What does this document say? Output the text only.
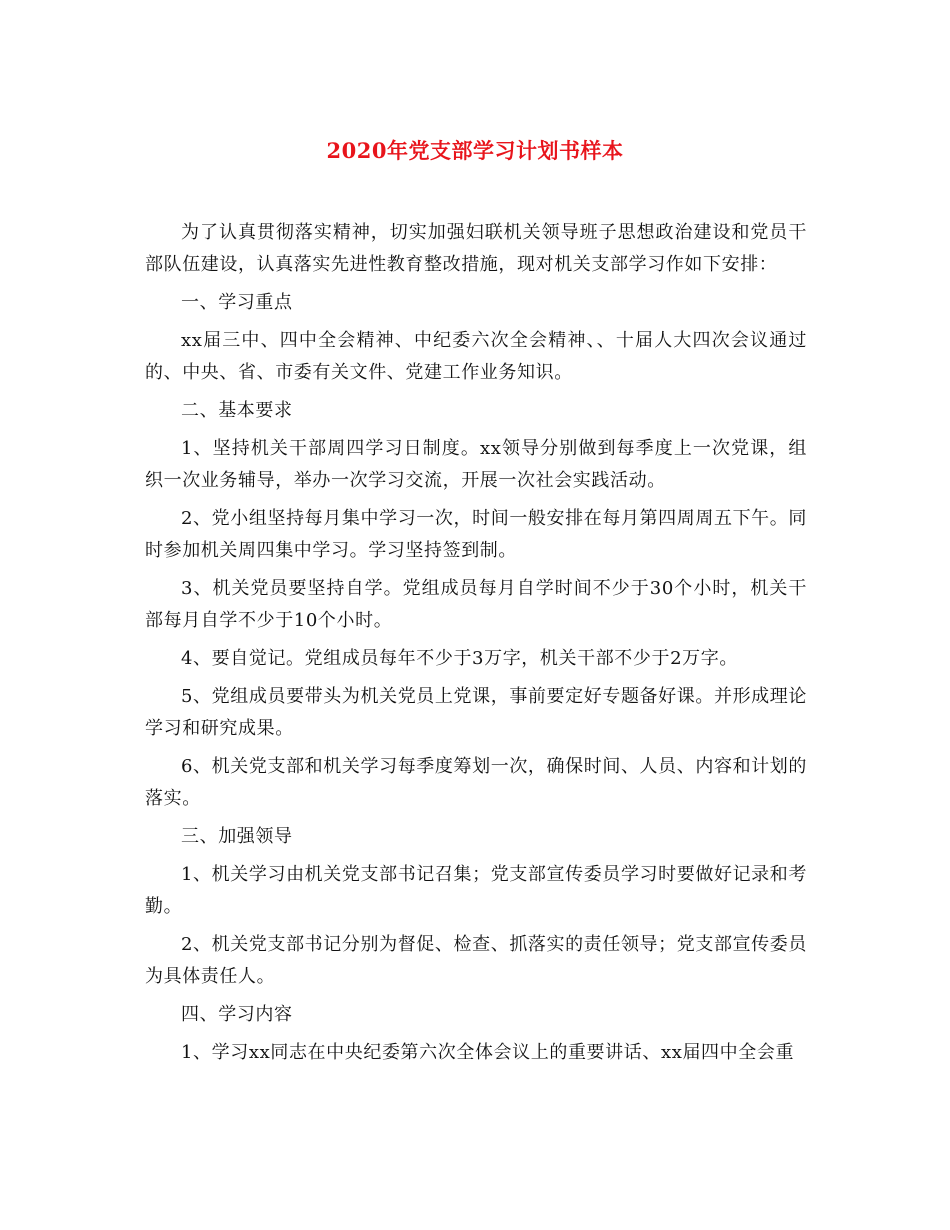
2020年党支部学习计划书样本

为了认真贯彻落实精神，切实加强妇联机关领导班子思想政治建设和党员干部队伍建设，认真落实先进性教育整改措施，现对机关支部学习作如下安排：

一、学习重点

xx届三中、四中全会精神、中纪委六次全会精神、、十届人大四次会议通过的、中央、省、市委有关文件、党建工作业务知识。

二、基本要求

1、坚持机关干部周四学习日制度。xx领导分别做到每季度上一次党课，组织一次业务辅导，举办一次学习交流，开展一次社会实践活动。

2、党小组坚持每月集中学习一次，时间一般安排在每月第四周周五下午。同时参加机关周四集中学习。学习坚持签到制。

3、机关党员要坚持自学。党组成员每月自学时间不少于30个小时，机关干部每月自学不少于10个小时。

4、要自觉记。党组成员每年不少于3万字，机关干部不少于2万字。

5、党组成员要带头为机关党员上党课，事前要定好专题备好课。并形成理论学习和研究成果。

6、机关党支部和机关学习每季度筹划一次，确保时间、人员、内容和计划的落实。

三、加强领导

1、机关学习由机关党支部书记召集；党支部宣传委员学习时要做好记录和考勤。

2、机关党支部书记分别为督促、检查、抓落实的责任领导；党支部宣传委员为具体责任人。

四、学习内容

1、学习xx同志在中央纪委第六次全体会议上的重要讲话、xx届四中全会重
